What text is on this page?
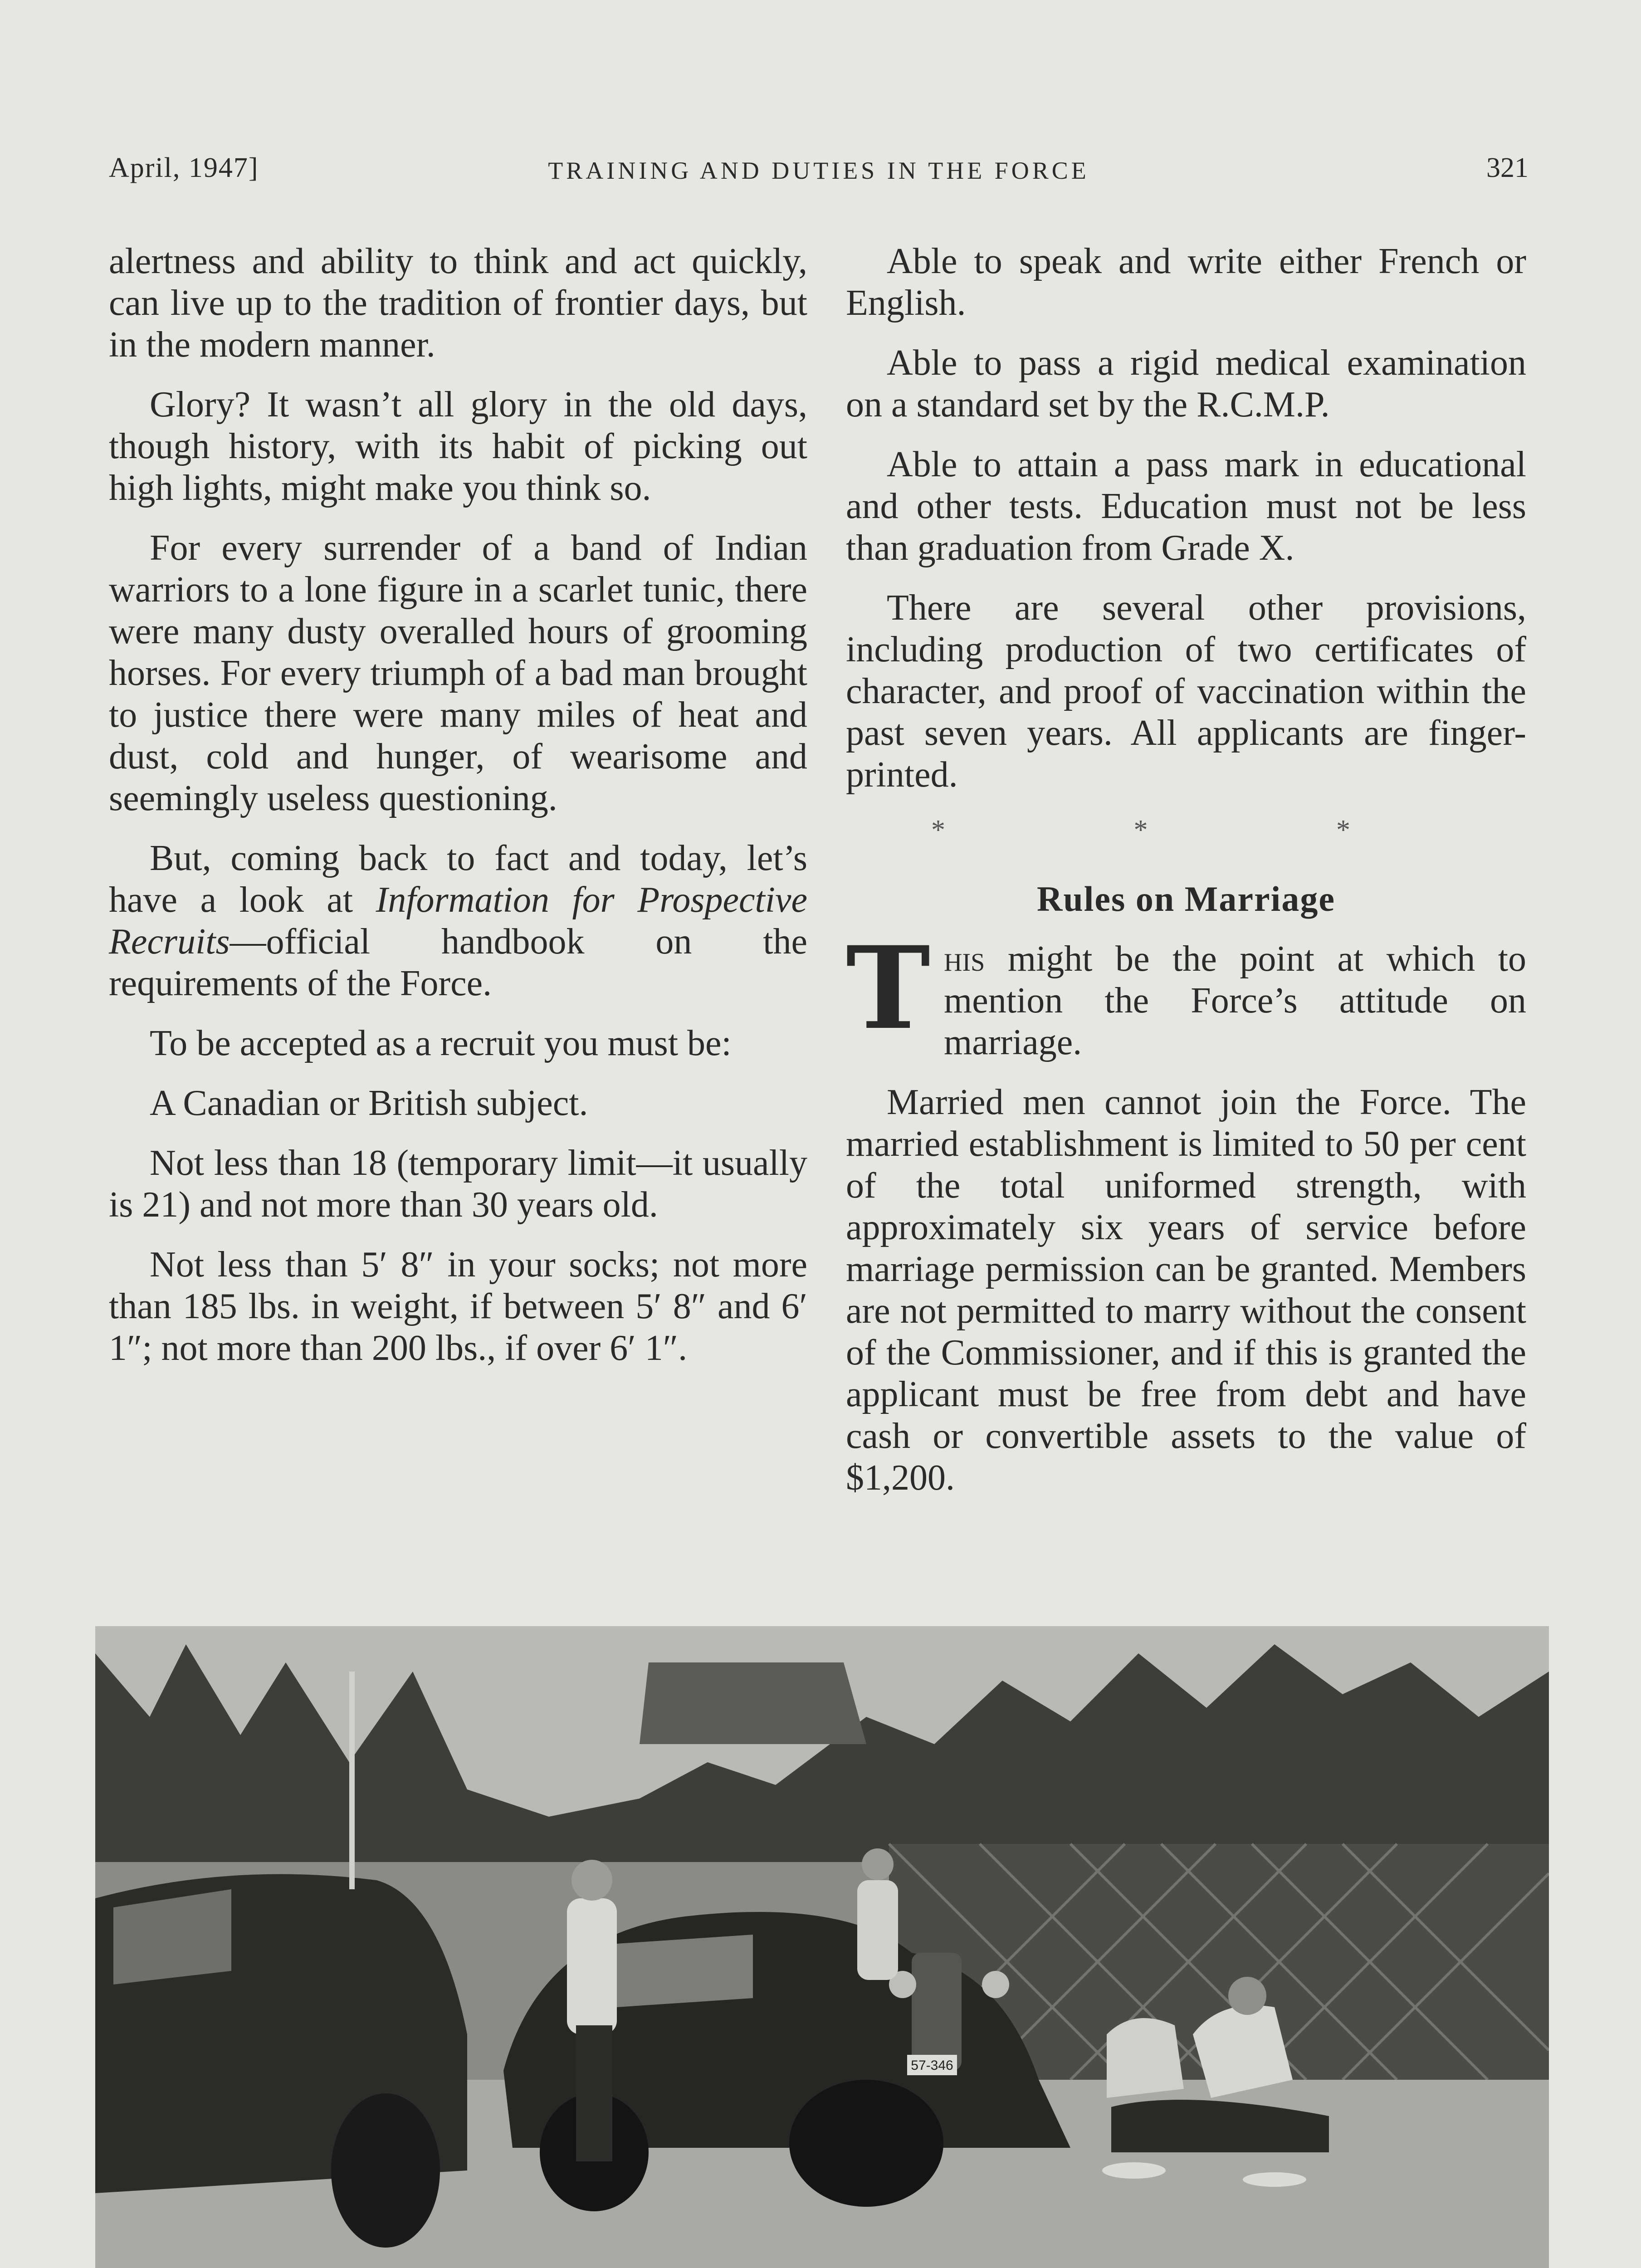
April, 1947]	TRAINING AND DUTIES IN THE FORCE	321

alertness and ability to think and act quickly, can live up to the tradition of frontier days, but in the modern manner.

Glory? It wasn’t all glory in the old days, though history, with its habit of picking out high lights, might make you think so.

For every surrender of a band of Indian warriors to a lone figure in a scarlet tunic, there were many dusty overalled hours of grooming horses. For every triumph of a bad man brought to justice there were many miles of heat and dust, cold and hunger, of wearisome and seemingly useless questioning.

But, coming back to fact and today, let’s have a look at Information for Prospective Recruits—official handbook on the requirements of the Force.

To be accepted as a recruit you must be:

A Canadian or British subject.

Not less than 18 (temporary limit—it usually is 21) and not more than 30 years old.

Not less than 5′ 8″ in your socks; not more than 185 lbs. in weight, if between 5′ 8″ and 6′ 1″; not more than 200 lbs., if over 6′ 1″.

Able to speak and write either French or English.

Able to pass a rigid medical examination on a standard set by the R.C.M.P.

Able to attain a pass mark in educational and other tests. Education must not be less than graduation from Grade X.

There are several other provisions, including production of two certificates of character, and proof of vaccination within the past seven years. All applicants are finger-printed.

* * *
Rules on Marriage

This might be the point at which to mention the Force’s attitude on marriage.

Married men cannot join the Force. The married establishment is limited to 50 per cent of the total uniformed strength, with approximately six years of service before marriage permission can be granted. Members are not permitted to marry without the consent of the Commissioner, and if this is granted the applicant must be free from debt and have cash or convertible assets to the value of $1,200.

57-346
